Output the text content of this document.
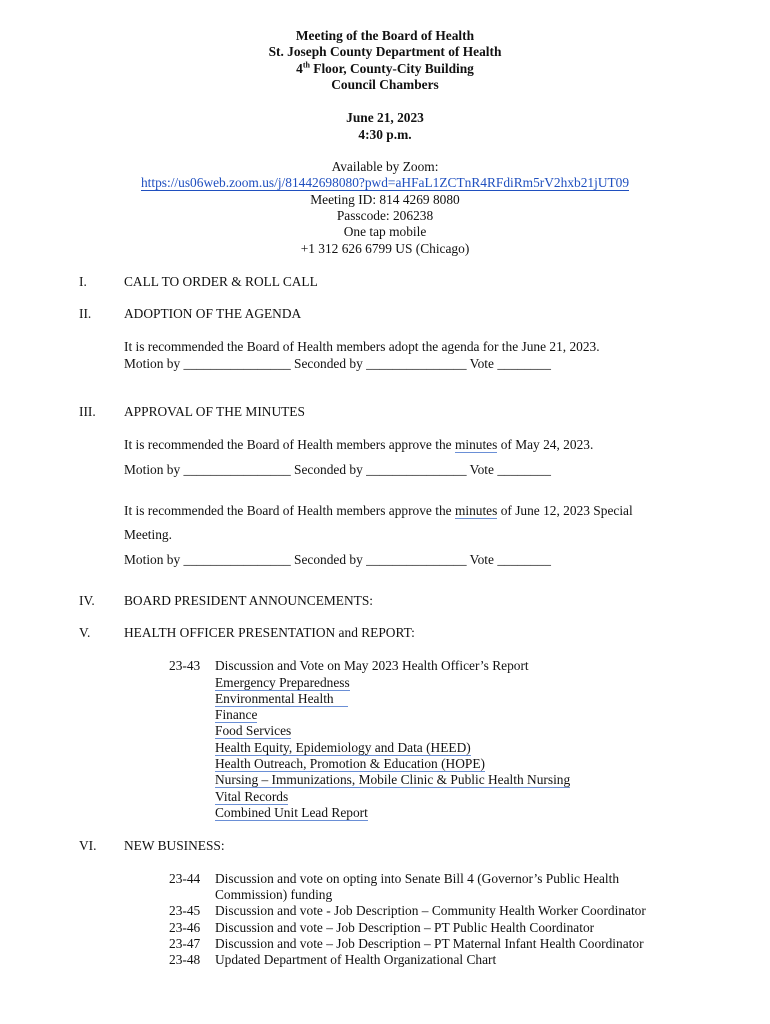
Meeting of the Board of Health
St. Joseph County Department of Health
4th Floor, County-City Building
Council Chambers
June 21, 2023
4:30 p.m.
Available by Zoom:
https://us06web.zoom.us/j/81442698080?pwd=aHFaL1ZCTnR4RFdiRm5rV2hxb21jUT09
Meeting ID: 814 4269 8080
Passcode: 206238
One tap mobile
+1 312 626 6799 US (Chicago)
I.	CALL TO ORDER & ROLL CALL
II. ADOPTION OF THE AGENDA
It is recommended the Board of Health members adopt the agenda for the June 21, 2023.
Motion by ________________ Seconded by _______________ Vote ________
III. APPROVAL OF THE MINUTES
It is recommended the Board of Health members approve the minutes of May 24, 2023.
Motion by ________________ Seconded by _______________ Vote ________
It is recommended the Board of Health members approve the minutes of June 12, 2023 Special
Meeting.
Motion by ________________ Seconded by _______________ Vote ________
IV. BOARD PRESIDENT ANNOUNCEMENTS:
V.	HEALTH OFFICER PRESENTATION and REPORT:
23-43 Discussion and Vote on May 2023 Health Officer’s Report
Emergency Preparedness
Environmental Health
Finance
Food Services
Health Equity, Epidemiology and Data (HEED)
Health Outreach, Promotion & Education (HOPE)
Nursing – Immunizations, Mobile Clinic & Public Health Nursing
Vital Records
Combined Unit Lead Report
VI. NEW BUSINESS:
23-44 Discussion and vote on opting into Senate Bill 4 (Governor’s Public Health
Commission) funding
23-45 Discussion and vote - Job Description – Community Health Worker Coordinator
23-46 Discussion and vote – Job Description – PT Public Health Coordinator
23-47 Discussion and vote – Job Description – PT Maternal Infant Health Coordinator
23-48 Updated Department of Health Organizational Chart
